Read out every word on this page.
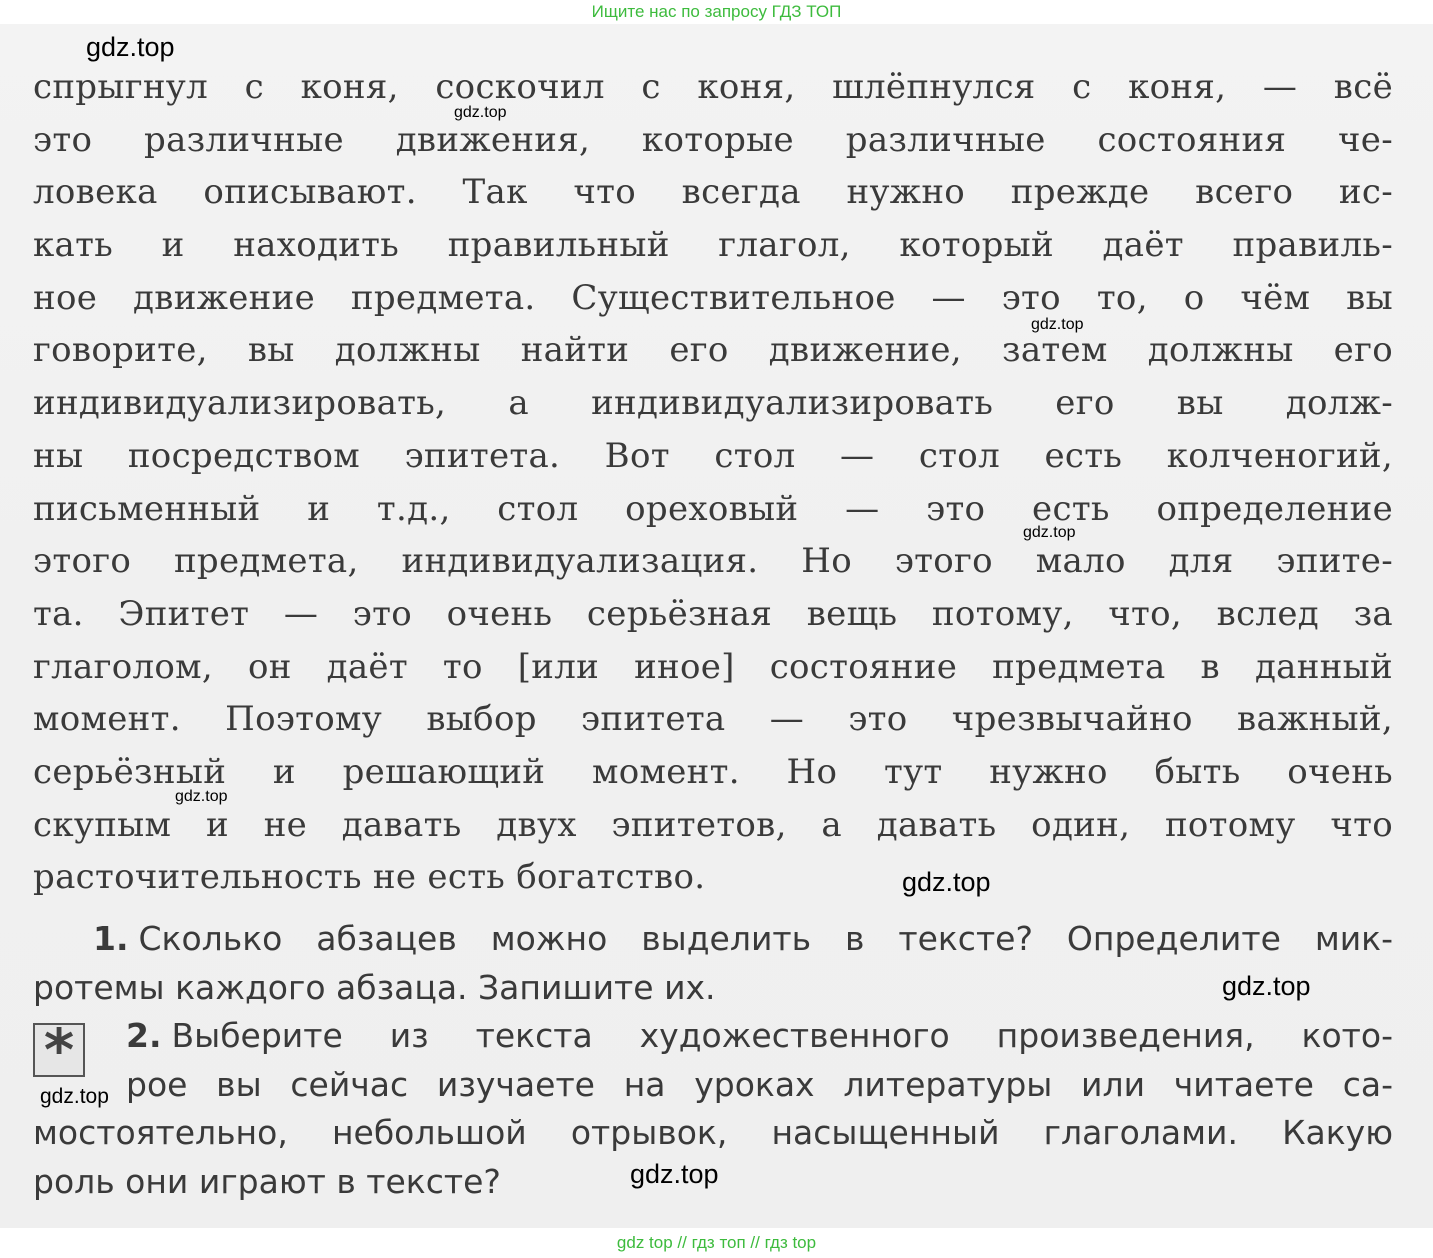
Ищите нас по запросу ГДЗ ТОП
спрыгнул с коня, соскочил с коня, шлёпнулся с коня, — всё
это различные движения, которые различные состояния че-
ловека описывают. Так что всегда нужно прежде всего ис-
кать и находить правильный глагол, который даёт правиль-
ное движение предмета. Существительное — это то, о чём вы
говорите, вы должны найти его движение, затем должны его
индивидуализировать, а индивидуализировать его вы долж-
ны посредством эпитета. Вот стол — стол есть колченогий,
письменный и т.д., стол ореховый — это есть определение
этого предмета, индивидуализация. Но этого мало для эпите-
та. Эпитет — это очень серьёзная вещь потому, что, вслед за
глаголом, он даёт то [или иное] состояние предмета в данный
момент. Поэтому выбор эпитета — это чрезвычайно важный,
серьёзный и решающий момент. Но тут нужно быть очень
скупым и не давать двух эпитетов, а давать один, потому что
расточительность не есть богатство.
1. Сколько абзацев можно выделить в тексте? Определите мик-
ротемы каждого абзаца. Запишите их.
2. Выберите из текста художественного произведения, кото-
рое вы сейчас изучаете на уроках литературы или читаете са-
мостоятельно, небольшой отрывок, насыщенный глаголами. Какую
роль они играют в тексте?
*
gdz.top
gdz.top
gdz.top
gdz.top
gdz.top
gdz.top
gdz.top
gdz.top
gdz.top
gdz top // гдз топ // гдз top
